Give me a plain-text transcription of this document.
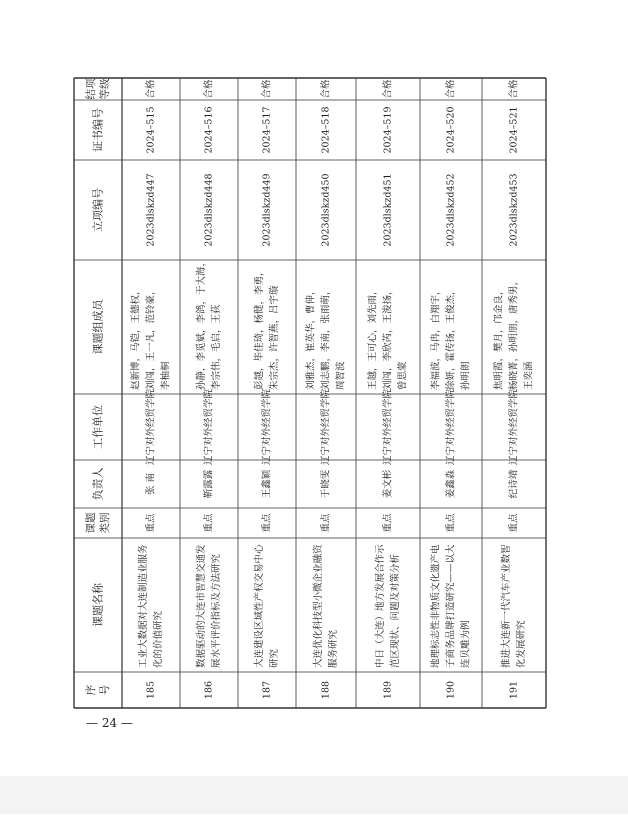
序 号
课题名称
课题 类别
负责人
工作单位
课题组成员
立项编号
证书编号
结项 等级
185
工业大数据对大连制造业服务 化的价值研究
重点
张 南
辽宁对外经贸学院
赵新博，马铠，王德权， 刘闯，王一凡，范铃豪， 李柚桐
2023dlskzd447
2024–515
合格
186
数据驱动的大连市智慧交通发 展水平评价指标及方法研究
重点
靳露露
辽宁对外经贸学院
孙静，李觅斌，李鸽，于大海， 李宗伟，毛启，王荻
2023dlskzd448
2024–516
合格
187
大连建设区域性产权交易中心 研究
重点
王鑫颖
辽宁对外经贸学院
彭越，毕佳琦，杨健，李勇， 朱宗杰，许智燕，吕宇璇
2023dlskzd449
2024–517
合格
188
大连优化科技型小微企业融资 服务研究
重点
于晓雯
辽宁对外经贸学院
刘雅杰，崔英华，曹伸， 刘志鹏，李南，张雨萌， 周智波
2023dlskzd450
2024–518
合格
189
中日（大连）地方发展合作示 范区现状、问题及对策分析
重点
姜文彬
辽宁对外经贸学院
王越，王可心，刘先雨， 刘闯，李欣芮，王浚扬， 曾思蒙
2023dlskzd451
2024–519
合格
190
地理标志性非物质文化遗产电 子商务品牌打造研究——以大 连贝雕为例
重点
姜鑫淼
辽宁对外经贸学院
李福波，马冉，白翔宇， 徐妍，霍传扬，王俊杰， 孙明朗
2023dlskzd452
2024–520
合格
191
推进大连新一代汽车产业数智 化发展研究
重点
纪诗靖
辽宁对外经贸学院
焦明霞，樊月，邝金良， 杨晓菁，孙明朋，唐秀男， 王奕涵
2023dlskzd453
2024–521
合格
— 24 —
